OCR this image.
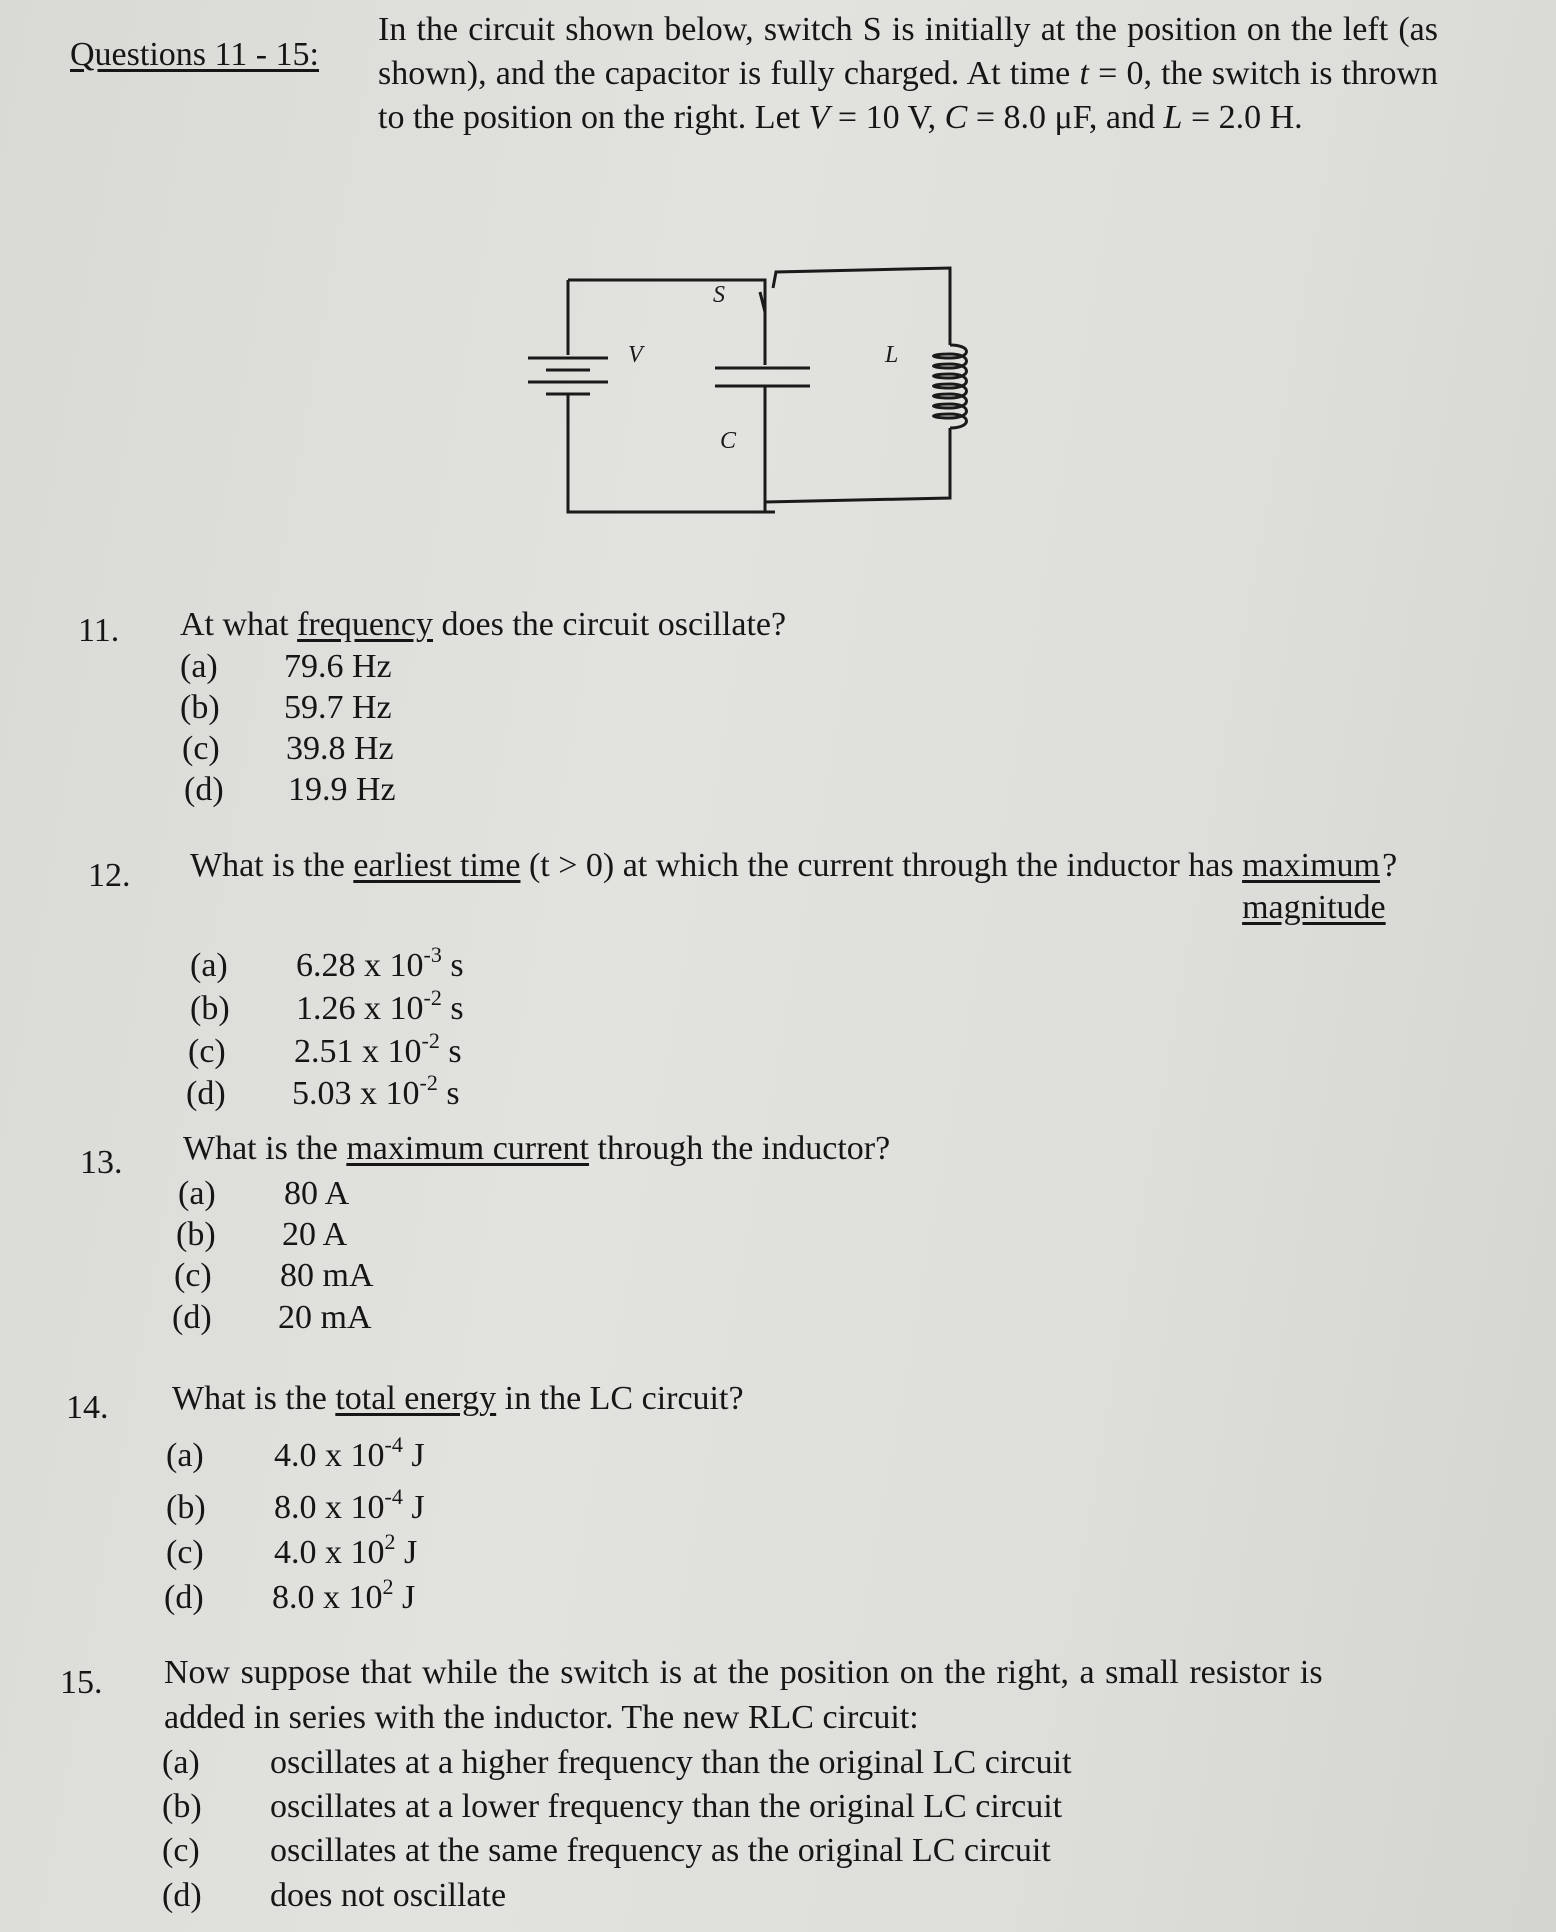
Questions 11 - 15:
In the circuit shown below, switch S is initially at the position on the left (as shown), and the capacitor is fully charged. At time t = 0, the switch is thrown to the position on the right. Let V = 10 V, C = 8.0 μF, and L = 2.0 H.
V
S
C
L
11. At what frequency does the circuit oscillate?
(a) 79.6 Hz
(b) 59.7 Hz
(c) 39.8 Hz
(d) 19.9 Hz
12. What is the earliest time (t > 0) at which the current through the inductor has maximum magnitude?
(a) 6.28 x $10^{-3}$ s
(b) 1.26 x $10^{-2}$ s
(c) 2.51 x $10^{-2}$ s
(d) 5.03 x $10^{-2}$ s
13. What is the maximum current through the inductor?
(a) 80 A
(b) 20 A
(c) 80 mA
(d) 20 mA
14. What is the total energy in the LC circuit?
(a) 4.0 x $10^{-4}$ J
(b) 8.0 x $10^{-4}$ J
(c) 4.0 x $10^2$ J
(d) 8.0 x $10^2$ J
15. Now suppose that while the switch is at the position on the right, a small resistor is
added in series with the inductor. The new RLC circuit:
(a) oscillates at a higher frequency than the original LC circuit
(b) oscillates at a lower frequency than the original LC circuit
(c) oscillates at the same frequency as the original LC circuit
(d) does not oscillate
